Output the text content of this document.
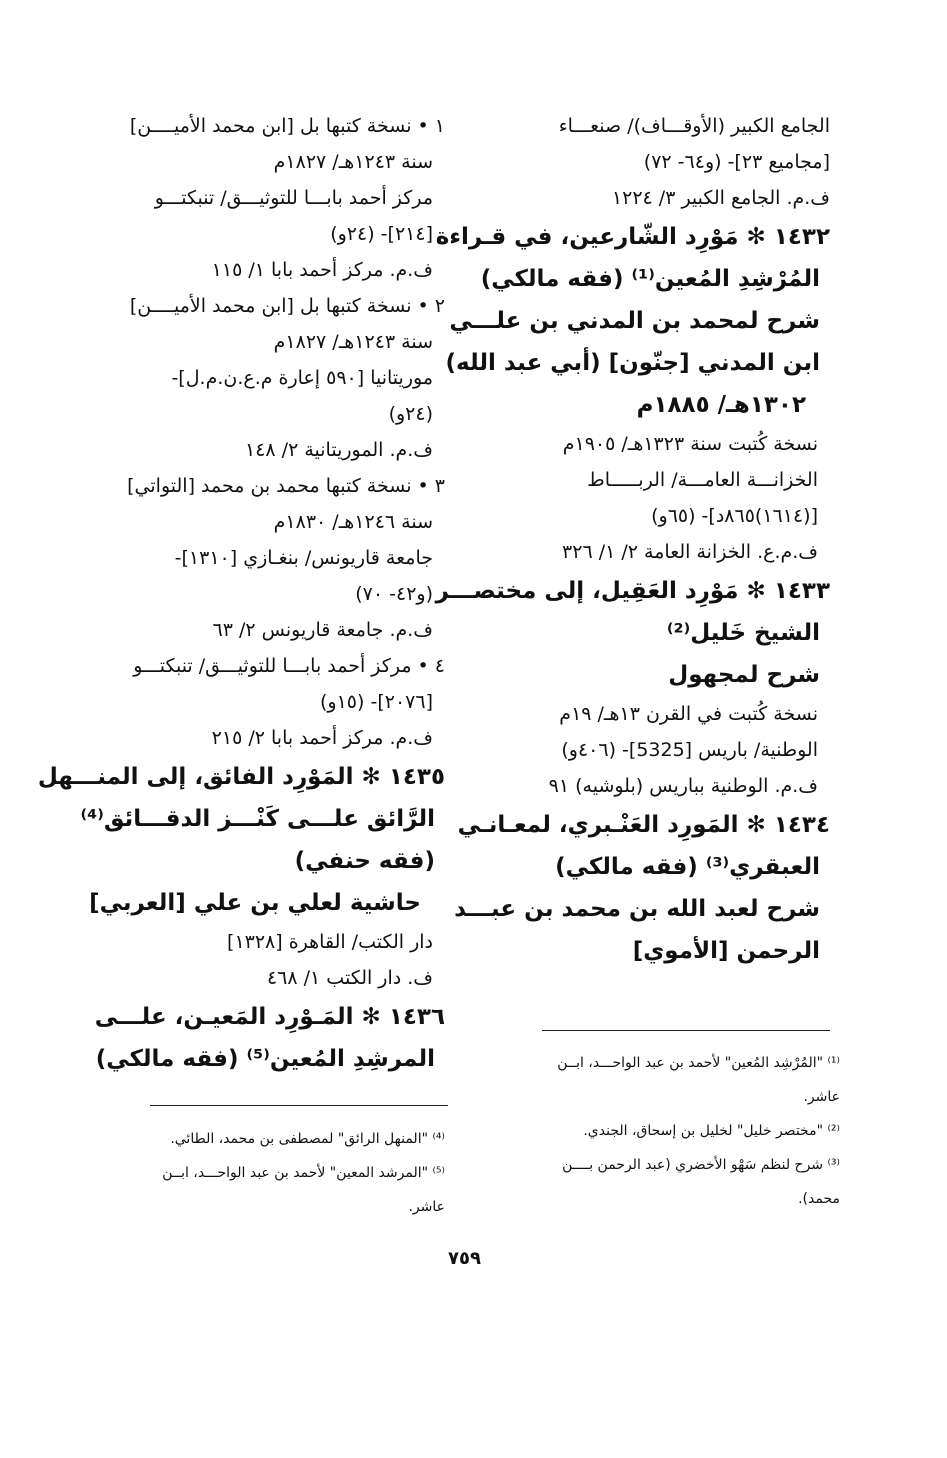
الجامع الكبير (الأوقـــاف)/ صنعـــاء
[مجاميع ٢٣]- (و٦٤- ٧٢)
ف.م. الجامع الكبير ٣/ ١٢٢٤
١٤٣٢ ✻ مَوْرِد الشّارعين، في قـراءة
المُرْشِدِ المُعين⁽¹⁾ (فقه مالكي)
شرح لمحمد بن المدني بن علـــي
ابن المدني [جنّون] (أبي عبد الله)
١٣٠٢هـ/ ١٨٨٥م
نسخة كُتبت سنة ١٣٢٣هـ/ ١٩٠٥م
الخزانـــة العامـــة/ الربـــــاط
[(١٦١٤)٨٦٥د]- (٦٥و)
ف.م.ع. الخزانة العامة ٢/ ١/ ٣٢٦
١٤٣٣ ✻ مَوْرِد العَقِيل، إلى مختصـــر
الشيخ خَليل⁽²⁾
شرح لمجهول
نسخة كُتبت في القرن ١٣هـ/ ١٩م
الوطنية/ باريس [5325]- (٤٠٦و)
ف.م. الوطنية بباريس (بلوشيه) ٩١
١٤٣٤ ✻ المَورِد العَنْـبري، لمعـانـي
العبقري⁽³⁾ (فقه مالكي)
شرح لعبد الله بن محمد بن عبـــد
الرحمن [الأموي]
١ • نسخة كتبها بل [ابن محمد الأميــــن]
سنة ١٢٤٣هـ/ ١٨٢٧م
مركز أحمد بابـــا للتوثيـــق/ تنبكتـــو
[٢١٤]- (٢٤و)
ف.م. مركز أحمد بابا ١/ ١١٥
٢ • نسخة كتبها بل [ابن محمد الأميــــن]
سنة ١٢٤٣هـ/ ١٨٢٧م
موريتانيا [٥٩٠ إعارة م.ع.ن.م.ل]-
(٢٤و)
ف.م. الموريتانية ٢/ ١٤٨
٣ • نسخة كتبها محمد بن محمد [التواتي]
سنة ١٢٤٦هـ/ ١٨٣٠م
جامعة قاريونس/ بنغـازي [١٣١٠]-
(و٤٢- ٧٠)
ف.م. جامعة قاريونس ٢/ ٦٣
٤ • مركز أحمد بابـــا للتوثيـــق/ تنبكتـــو
[٢٠٧٦]- (١٥و)
ف.م. مركز أحمد بابا ٢/ ٢١٥
١٤٣٥ ✻ المَوْرِد الفائق، إلى المنـــهل
الرَّائق علـــى كَنْـــز الدقـــائق⁽⁴⁾
(فقه حنفي)
حاشية لعلي بن علي [العربي]
دار الكتب/ القاهرة [١٣٢٨]
ف. دار الكتب ١/ ٤٦٨
١٤٣٦ ✻ المَـوْرِد المَعيـن، علـــى
المرشِدِ المُعين⁽⁵⁾ (فقه مالكي)	⁽¹⁾ "المُرْشِد المُعين" لأحمد بن عبد الواحـــد، ابــن
عاشر.
⁽²⁾ "مختصر خليل" لخليل بن إسحاق، الجندي.
⁽³⁾ شرح لنظم سَهْو الأخضري (عبد الرحمن بــــن
محمد).
⁽⁴⁾ "المنهل الرائق" لمصطفى بن محمد، الطائي.
⁽⁵⁾ "المرشد المعين" لأحمد بن عبد الواحـــد، ابــن
عاشر.
٧٥٩
